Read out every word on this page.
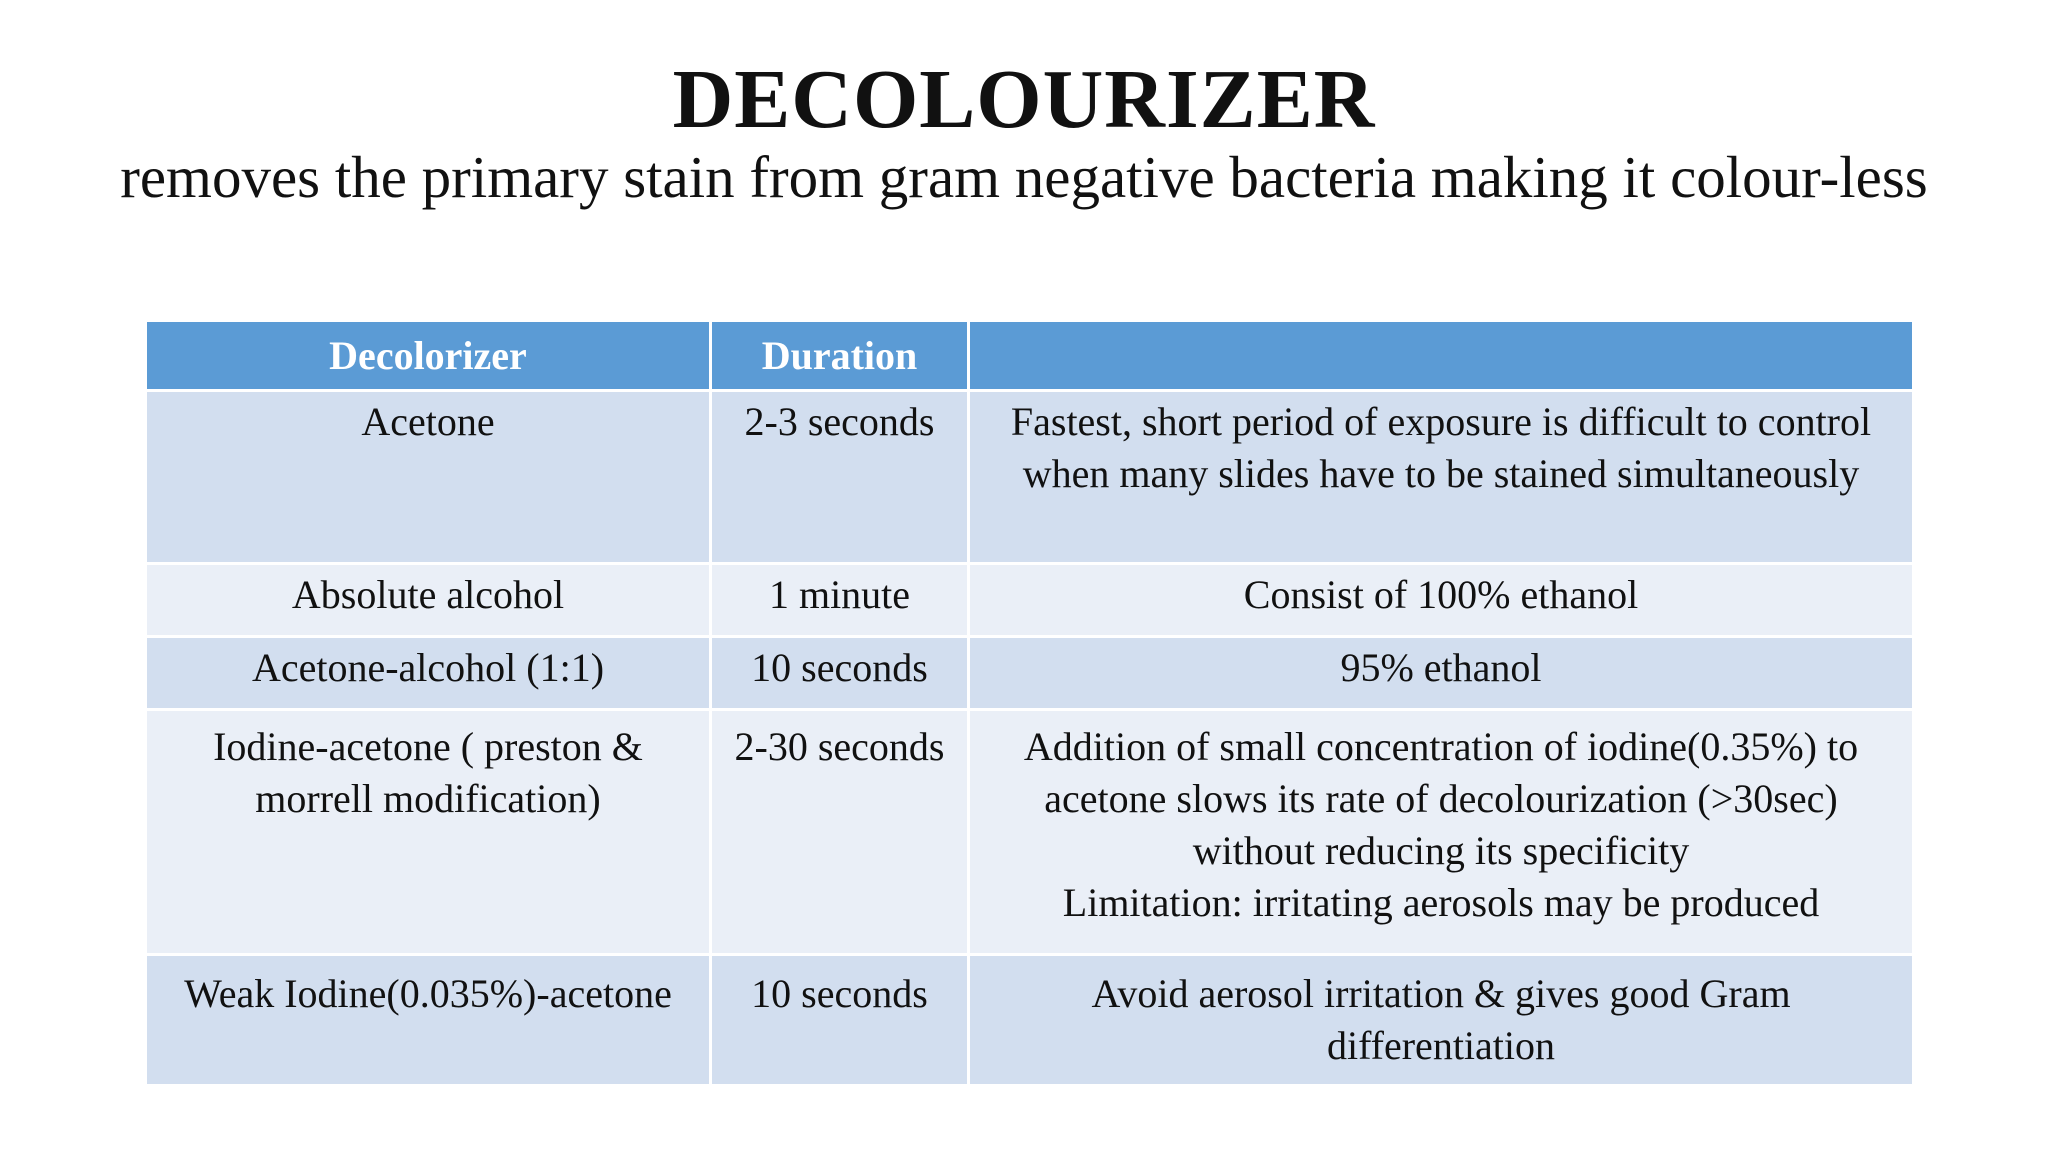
DECOLOURIZER
removes the primary stain from gram negative bacteria making it colour-less
Decolorizer	Duration	
Acetone	2-3 seconds	Fastest, short period of exposure is difficult to control when many slides have to be stained simultaneously
Absolute alcohol	1 minute	Consist of 100% ethanol
Acetone-alcohol (1:1)	10 seconds	95% ethanol
Iodine-acetone ( preston & morrell modification)	2-30 seconds	Addition of small concentration of iodine(0.35%) to acetone slows its rate of decolourization (>30sec) without reducing its specificity
Limitation: irritating aerosols may be produced

Weak Iodine(0.035%)-acetone	10 seconds	Avoid aerosol irritation & gives good Gram differentiation
